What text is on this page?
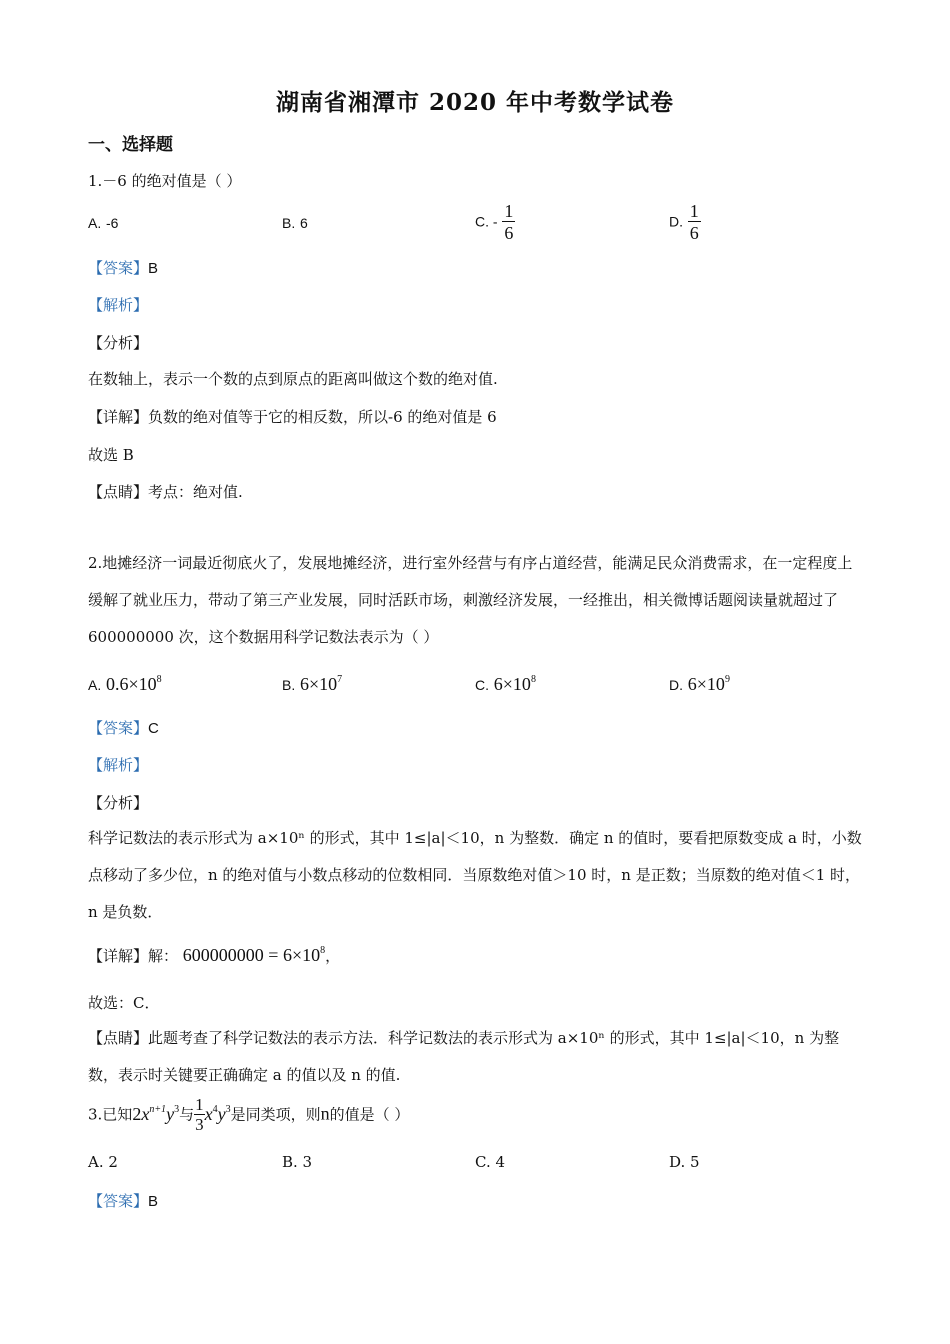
湖南省湘潭市 2020 年中考数学试卷
一、选择题
1.－6 的绝对值是（ ）
A. -6	B. 6	C. - $\frac{1}{6}$	D. $\frac{1}{6}$
【答案】B
【解析】
【分析】
在数轴上，表示一个数的点到原点的距离叫做这个数的绝对值.
【详解】负数的绝对值等于它的相反数，所以-6 的绝对值是 6
故选 B
【点睛】考点：绝对值.
2.地摊经济一词最近彻底火了，发展地摊经济，进行室外经营与有序占道经营，能满足民众消费需求，在一定程度上缓解了就业压力，带动了第三产业发展，同时活跃市场，刺激经济发展，一经推出，相关微博话题阅读量就超过了 600000000 次，这个数据用科学记数法表示为（ ）
A. $0.6\times 10^8$	B. $6\times 10^7$	C. $6\times 10^8$	D. $6\times 10^9$
【答案】C
【解析】
【分析】
科学记数法的表示形式为 a×10ⁿ 的形式，其中 1≤|a|＜10，n 为整数．确定 n 的值时，要看把原数变成 a 时，小数点移动了多少位，n 的绝对值与小数点移动的位数相同．当原数绝对值＞10 时，n 是正数；当原数的绝对值＜1 时，n 是负数．
【详解】解： $600000000 = 6\times 10^8$，
故选：C．
【点睛】此题考查了科学记数法的表示方法．科学记数法的表示形式为 a×10ⁿ 的形式，其中 1≤|a|＜10，n 为整数，表示时关键要正确确定 a 的值以及 n 的值.
3.已知$2x^{n+1}y^3$与 $\frac{1}{3} x^4y^3$是同类项，则n的值是（ ）
A. 2	B. 3	C. 4	D. 5
【答案】B
